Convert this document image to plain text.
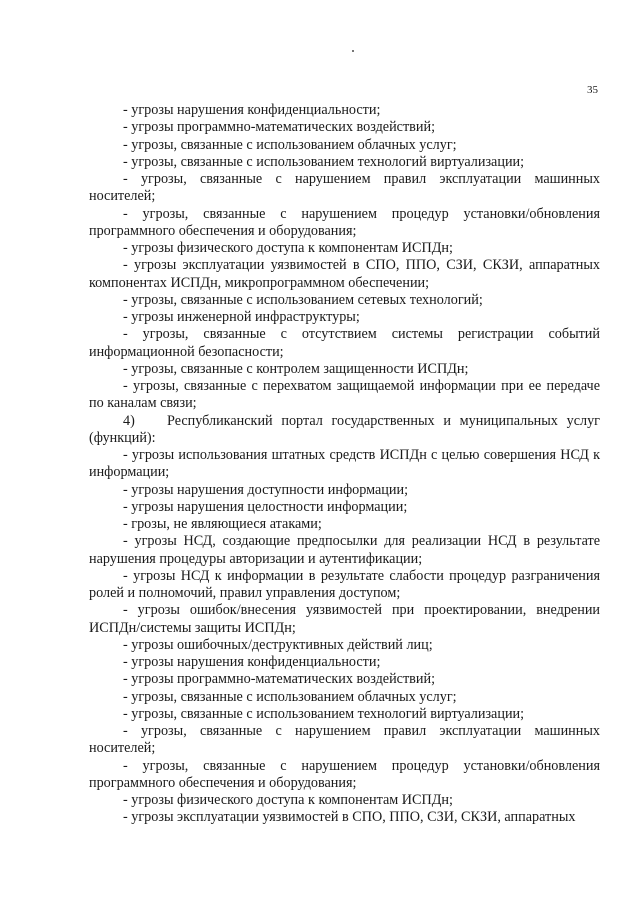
35

- угрозы нарушения конфиденциальности;

- угрозы программно-математических воздействий;

- угрозы, связанные с использованием облачных услуг;

- угрозы, связанные с использованием технологий виртуализации;

- угрозы, связанные с нарушением правил эксплуатации машинных носителей;

- угрозы, связанные с нарушением процедур установки/обновления программного обеспечения и оборудования;

- угрозы физического доступа к компонентам ИСПДн;

- угрозы эксплуатации уязвимостей в СПО, ППО, СЗИ, СКЗИ, аппаратных компонентах ИСПДн, микропрограммном обеспечении;

- угрозы, связанные с использованием сетевых технологий;

- угрозы инженерной инфраструктуры;

- угрозы, связанные с отсутствием системы регистрации событий информационной безопасности;

- угрозы, связанные с контролем защищенности ИСПДн;

- угрозы, связанные с перехватом защищаемой информации при ее передаче по каналам связи;

4) Республиканский портал государственных и муниципальных услуг (функций):

- угрозы использования штатных средств ИСПДн с целью совершения НСД к информации;

- угрозы нарушения доступности информации;

- угрозы нарушения целостности информации;

- грозы, не являющиеся атаками;

- угрозы НСД, создающие предпосылки для реализации НСД в результате нарушения процедуры авторизации и аутентификации;

- угрозы НСД к информации в результате слабости процедур разграничения ролей и полномочий, правил управления доступом;

- угрозы ошибок/внесения уязвимостей при проектировании, внедрении ИСПДн/системы защиты ИСПДн;

- угрозы ошибочных/деструктивных действий лиц;

- угрозы нарушения конфиденциальности;

- угрозы программно-математических воздействий;

- угрозы, связанные с использованием облачных услуг;

- угрозы, связанные с использованием технологий виртуализации;

- угрозы, связанные с нарушением правил эксплуатации машинных носителей;

- угрозы, связанные с нарушением процедур установки/обновления программного обеспечения и оборудования;

- угрозы физического доступа к компонентам ИСПДн;

- угрозы эксплуатации уязвимостей в СПО, ППО, СЗИ, СКЗИ, аппаратных
